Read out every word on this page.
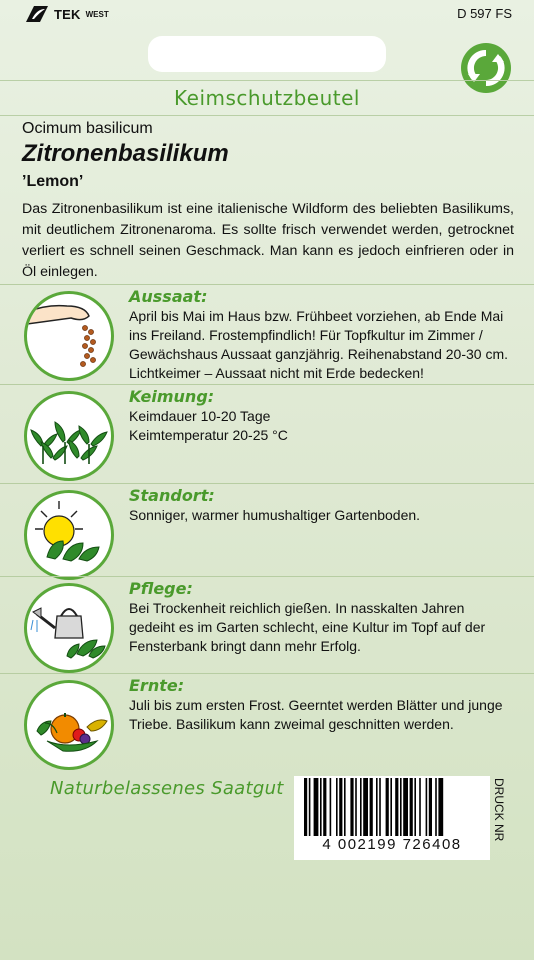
TEK WEST	D 597 FS
Keimschutzbeutel
Ocimum basilicum
Zitronenbasilikum
’Lemon’
Das Zitronenbasilikum ist eine italienische Wildform des beliebten Basilikums, mit deutlichem Zitronenaroma. Es sollte frisch verwendet werden, getrocknet verliert es schnell seinen Geschmack. Man kann es jedoch einfrieren oder in Öl einlegen.
Aussaat:
April bis Mai im Haus bzw. Frühbeet vorziehen, ab Ende Mai ins Freiland. Frostempfindlich! Für Topfkultur im Zimmer / Gewächshaus Aussaat ganzjährig. Reihenabstand 20-30 cm. Lichtkeimer – Aussaat nicht mit Erde bedecken!
Keimung:
Keimdauer 10-20 Tage
Keimtemperatur 20-25 °C
Standort:
Sonniger, warmer humushaltiger Gartenboden.
Pflege:
Bei Trockenheit reichlich gießen. In nasskalten Jahren gedeiht es im Garten schlecht, eine Kultur im Topf auf der Fensterbank bringt dann mehr Erfolg.
Ernte:
Juli bis zum ersten Frost. Geerntet werden Blätter und junge Triebe. Basilikum kann zweimal geschnitten werden.
Naturbelassenes Saatgut
4 002199 726408
DRUCK NR
